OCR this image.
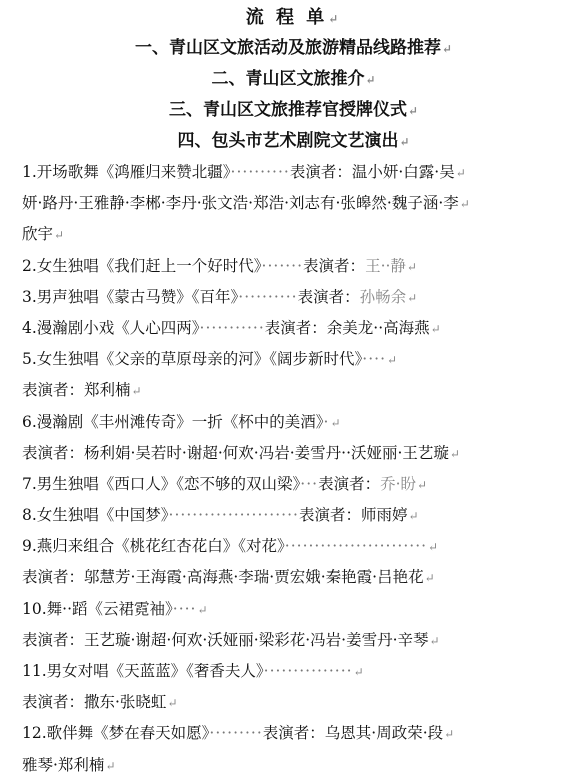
流 程 单↵
一、青山区文旅活动及旅游精品线路推荐↵
二、青山区文旅推介↵
三、青山区文旅推荐官授牌仪式↵
四、包头市艺术剧院文艺演出↵
1.开场歌舞《鸿雁归来赞北疆》··········表演者：温小妍·白露·吴↵
妍·路丹·王雅静·李郴·李丹·张文浩·郑浩·刘志有·张皞然·魏子涵·李↵
欣宇↵
2.女生独唱《我们赶上一个好时代》·······表演者：王··静↵
3.男声独唱《蒙古马赞》《百年》··········表演者：孙畅余↵
4.漫瀚剧小戏《人心四两》···········表演者：余美龙··高海燕↵
5.女生独唱《父亲的草原母亲的河》《阔步新时代》····↵
表演者：郑利楠↵
6.漫瀚剧《丰州滩传奇》一折《杯中的美酒》·↵
表演者：杨利娟·吴若时·谢超·何欢·冯岩·姜雪丹··沃娅丽·王艺璇↵
7.男生独唱《西口人》《恋不够的双山梁》···表演者：乔·盼↵
8.女生独唱《中国梦》······················表演者：师雨婷↵
9.燕归来组合《桃花红杏花白》《对花》························↵
表演者：邬慧芳·王海霞·高海燕·李瑞·贾宏娥·秦艳霞·吕艳花↵
10.舞··蹈《云裙霓袖》····↵
表演者：王艺璇·谢超·何欢·沃娅丽·梁彩花·冯岩·姜雪丹·辛琴↵
11.男女对唱《天蓝蓝》《奢香夫人》···············↵
表演者：撒东·张晓虹↵
12.歌伴舞《梦在春天如愿》·········表演者：乌恩其·周政荣·段↵
雅琴·郑利楠↵
